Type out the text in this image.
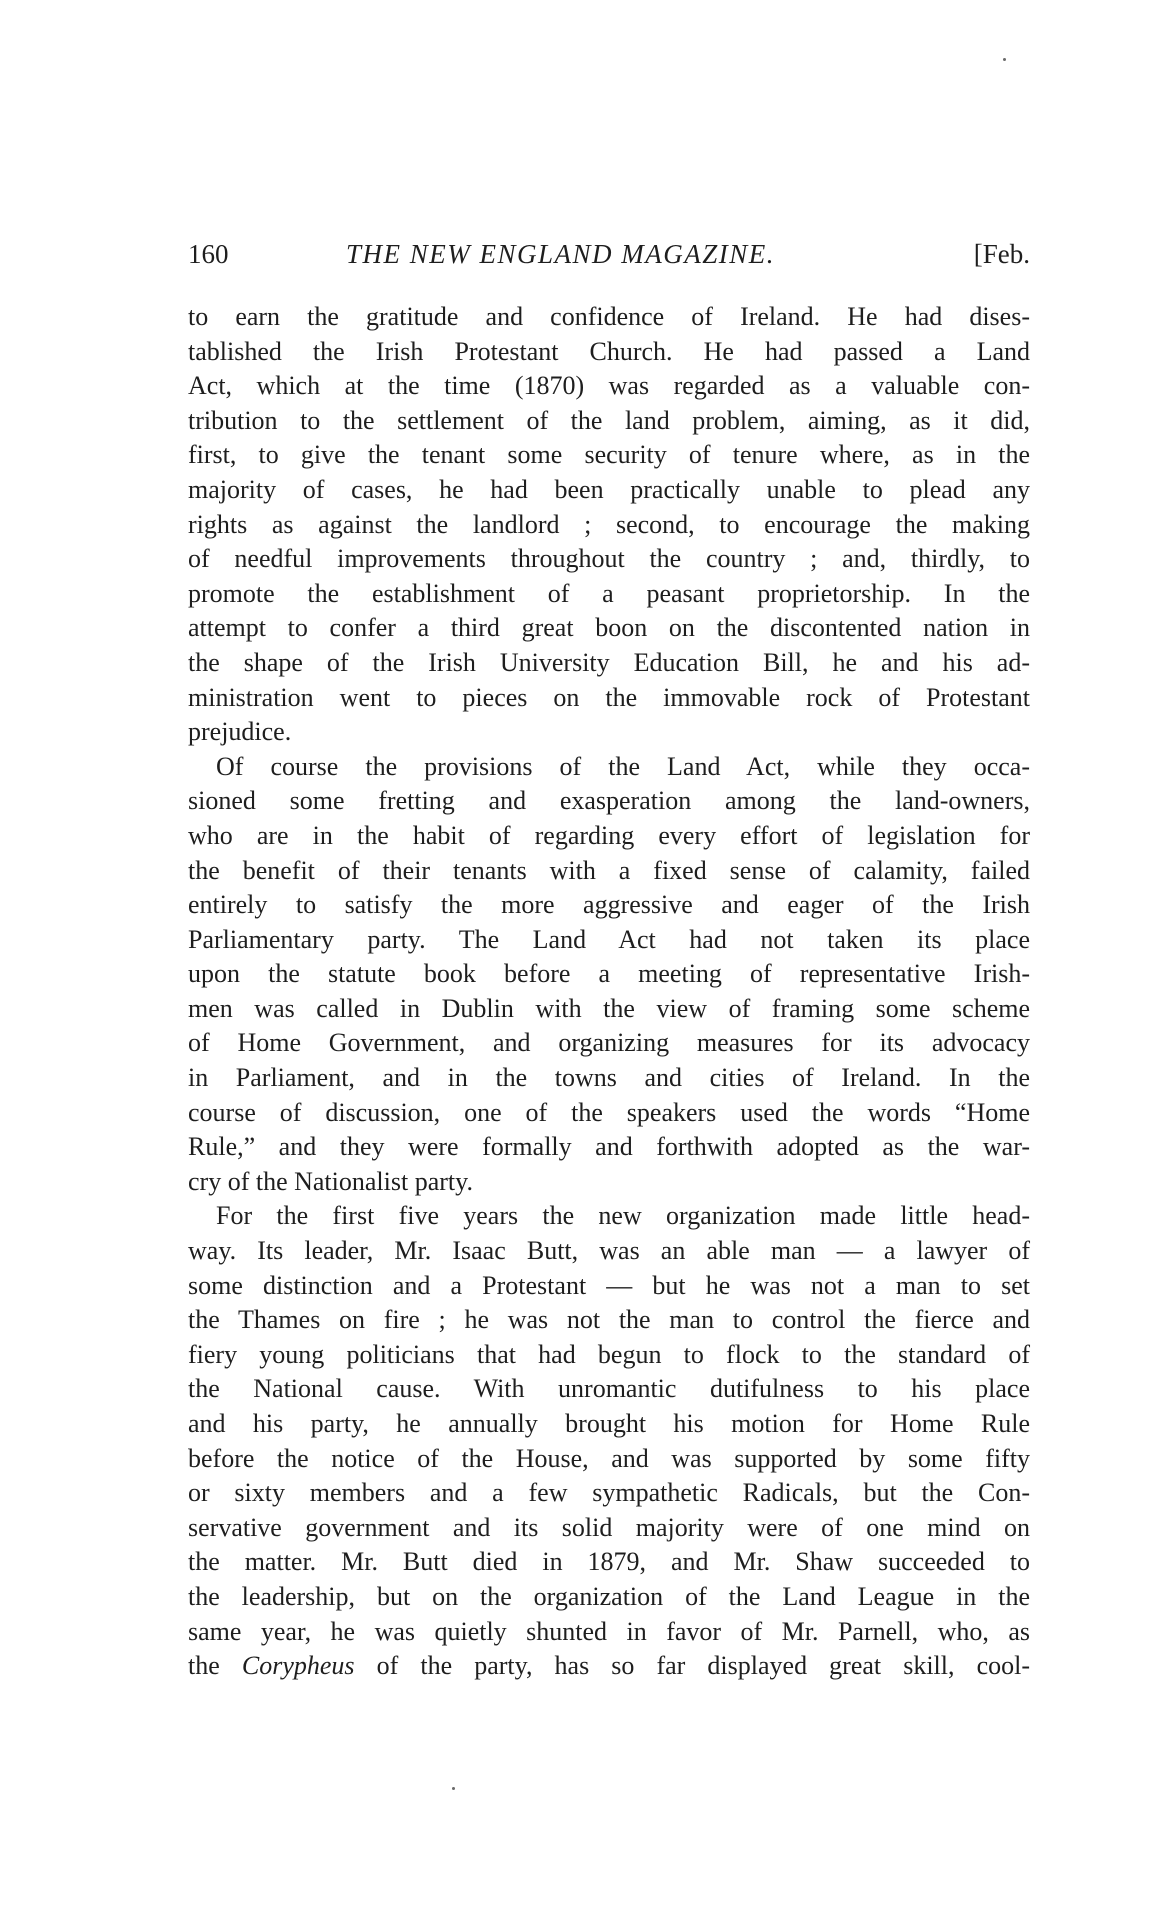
160	THE NEW ENGLAND MAGAZINE.	[Feb.
to earn the gratitude and confidence of Ireland. He had dises-
tablished the Irish Protestant Church. He had passed a Land
Act, which at the time (1870) was regarded as a valuable con-
tribution to the settlement of the land problem, aiming, as it did,
first, to give the tenant some security of tenure where, as in the
majority of cases, he had been practically unable to plead any
rights as against the landlord ; second, to encourage the making
of needful improvements throughout the country ; and, thirdly, to
promote the establishment of a peasant proprietorship. In the
attempt to confer a third great boon on the discontented nation in
the shape of the Irish University Education Bill, he and his ad-
ministration went to pieces on the immovable rock of Protestant
prejudice.
Of course the provisions of the Land Act, while they occa-
sioned some fretting and exasperation among the land-owners,
who are in the habit of regarding every effort of legislation for
the benefit of their tenants with a fixed sense of calamity, failed
entirely to satisfy the more aggressive and eager of the Irish
Parliamentary party. The Land Act had not taken its place
upon the statute book before a meeting of representative Irish-
men was called in Dublin with the view of framing some scheme
of Home Government, and organizing measures for its advocacy
in Parliament, and in the towns and cities of Ireland. In the
course of discussion, one of the speakers used the words “Home
Rule,” and they were formally and forthwith adopted as the war-
cry of the Nationalist party.
For the first five years the new organization made little head-
way. Its leader, Mr. Isaac Butt, was an able man — a lawyer of
some distinction and a Protestant — but he was not a man to set
the Thames on fire ; he was not the man to control the fierce and
fiery young politicians that had begun to flock to the standard of
the National cause. With unromantic dutifulness to his place
and his party, he annually brought his motion for Home Rule
before the notice of the House, and was supported by some fifty
or sixty members and a few sympathetic Radicals, but the Con-
servative government and its solid majority were of one mind on
the matter. Mr. Butt died in 1879, and Mr. Shaw succeeded to
the leadership, but on the organization of the Land League in the
same year, he was quietly shunted in favor of Mr. Parnell, who, as
the Coryphеus of the party, has so far displayed great skill, cool-
